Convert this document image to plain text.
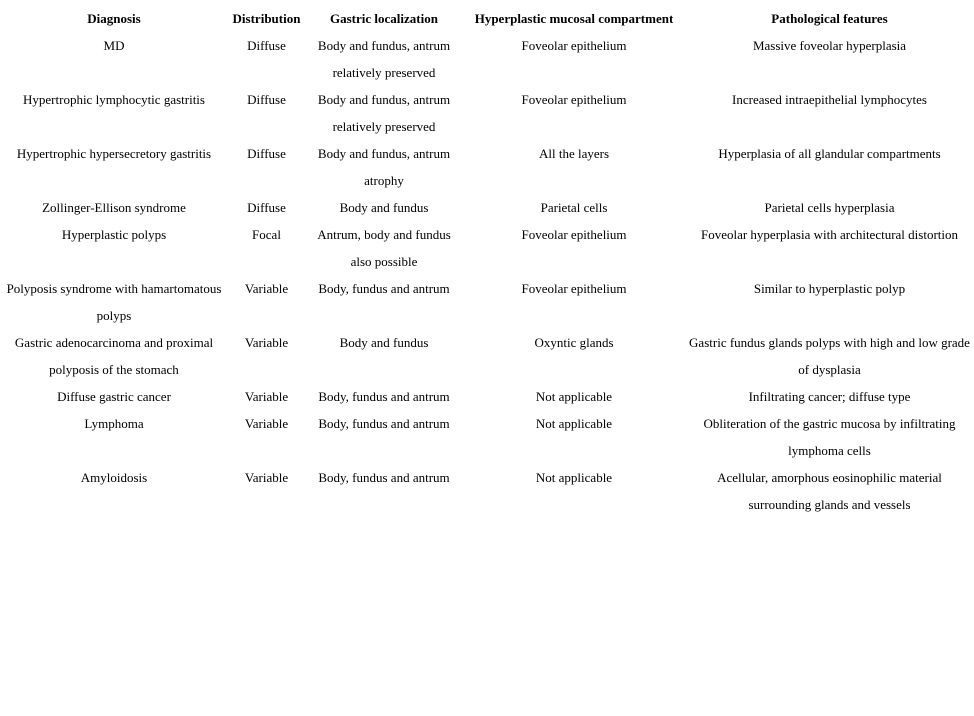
Diagnosis	Distribution	Gastric localization	Hyperplastic mucosal compartment	Pathological features
MD	Diffuse	Body and fundus, antrum relatively preserved	Foveolar epithelium	Massive foveolar hyperplasia
Hypertrophic lymphocytic gastritis	Diffuse	Body and fundus, antrum relatively preserved	Foveolar epithelium	Increased intraepithelial lymphocytes
Hypertrophic hypersecretory gastritis	Diffuse	Body and fundus, antrum atrophy	All the layers	Hyperplasia of all glandular compartments
Zollinger-Ellison syndrome	Diffuse	Body and fundus	Parietal cells	Parietal cells hyperplasia
Hyperplastic polyps	Focal	Antrum, body and fundus also possible	Foveolar epithelium	Foveolar hyperplasia with architectural distortion
Polyposis syndrome with hamartomatous polyps	Variable	Body, fundus and antrum	Foveolar epithelium	Similar to hyperplastic polyp
Gastric adenocarcinoma and proximal polyposis of the stomach	Variable	Body and fundus	Oxyntic glands	Gastric fundus glands polyps with high and low grade of dysplasia
Diffuse gastric cancer	Variable	Body, fundus and antrum	Not applicable	Infiltrating cancer; diffuse type
Lymphoma	Variable	Body, fundus and antrum	Not applicable	Obliteration of the gastric mucosa by infiltrating lymphoma cells
Amyloidosis	Variable	Body, fundus and antrum	Not applicable	Acellular, amorphous eosinophilic material surrounding glands and vessels
